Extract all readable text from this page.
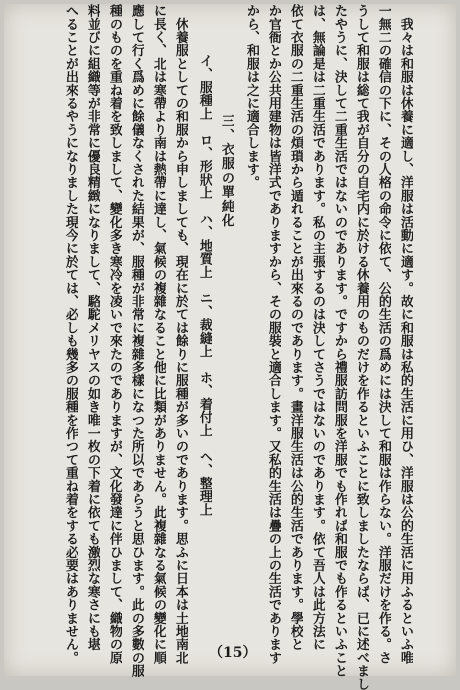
　我々は和服は休養に適し、洋服は活動に適す。故に和服は私的生活に用ひ、洋服は公的生活に用ふるといふ唯
一無二の確信の下に、その人格の命令に依て、公的生活の爲めには決して和服は作らない。洋服だけを作る。さ
うして和服は総て我が自分の自宅内に於ける休養用のものだけを作るといふことに致しましたならば、已に述べまし
たやうに、決して二重生活ではないのであります。ですから禮服訪問服を洋服でも作れば和服でも作るといふこと
は、無論是は二重生活であります。私の主張するのは決してさうではないのであります。依て吾人は此方法に
依て衣服の二重生活の煩瑣から遁れることが出來るのであります。畫洋服生活は公的生活であります。學校と
か官衙とか公共用建物は皆洋式でありますから、その服裝と適合します。又私的生活は疊の上の生活であります
から、和服は之に適合します。
三、衣服の單純化
イ、服種上　ロ、形狀上　ハ、地質上　ニ、裁縫上　ホ、着付上　ヘ、整理上
　休養服としての和服から申しましても、現在に於ては餘りに服種が多いのであります。思ふに日本は土地南北
に長く、北は寒帶より南は熱帶に達し、氣候の複雜なること他に比類がありません。此複雜なる氣候の變化に順
應して行く爲めに餘儀なくされた結果が、服種が非常に複雜多樣になつた所以であらうと思ひます。此の多數の服
種のものを重ね着を致しまして、變化多き寒冷を凌いで來たのでありますが、文化發達に伴ひまして、織物の原
料並びに組織等が非常に優良精緻になりまして、駱駝メリヤスの如き唯一枚の下着に依ても激烈な寒さにも堪
へることが出來るやうになりました現今に於ては、必しも幾多の服種を作つて重ね着をする必要はありません。	（15）
